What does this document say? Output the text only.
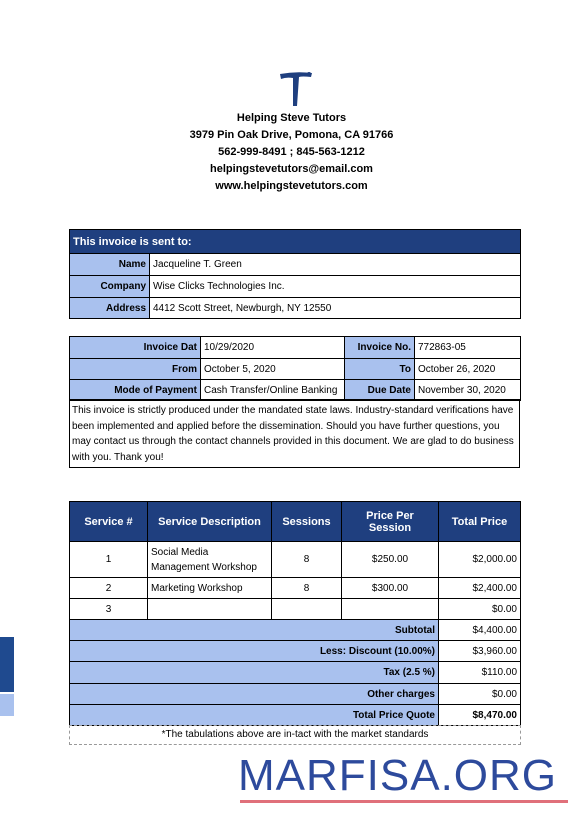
Helping Steve Tutors
3979 Pin Oak Drive, Pomona, CA 91766
562-999-8491 ; 845-563-1212
helpingstevetutors@email.com
www.helpingstevetutors.com
This invoice is sent to:	
Name	Jacqueline T. Green
Company	Wise Clicks Technologies Inc.
Address	4412 Scott Street, Newburgh, NY 12550
Invoice Dat	10/29/2020	Invoice No.	772863-05
From	October 5, 2020	To	October 26, 2020
Mode of Payment	Cash Transfer/Online Banking	Due Date	November 30, 2020
This invoice is strictly produced under the mandated state laws. Industry-standard verifications have been implemented and applied before the dissemination. Should you have further questions, you may contact us through the contact channels provided in this document. We are glad to do business with you. Thank you!
Service #	Service Description	Sessions	Price Per Session	Total Price
1	Social Media Management Workshop	8	$250.00	$2,000.00
2	Marketing Workshop	8	$300.00	$2,400.00
3				$0.00
Subtotal				$4,400.00
Less: Discount (10.00%)				$3,960.00
Tax (2.5 %)				$110.00
Other charges				$0.00
Total Price Quote				$8,470.00
*The tabulations above are in-tact with the market standards
MARFISA.ORG
